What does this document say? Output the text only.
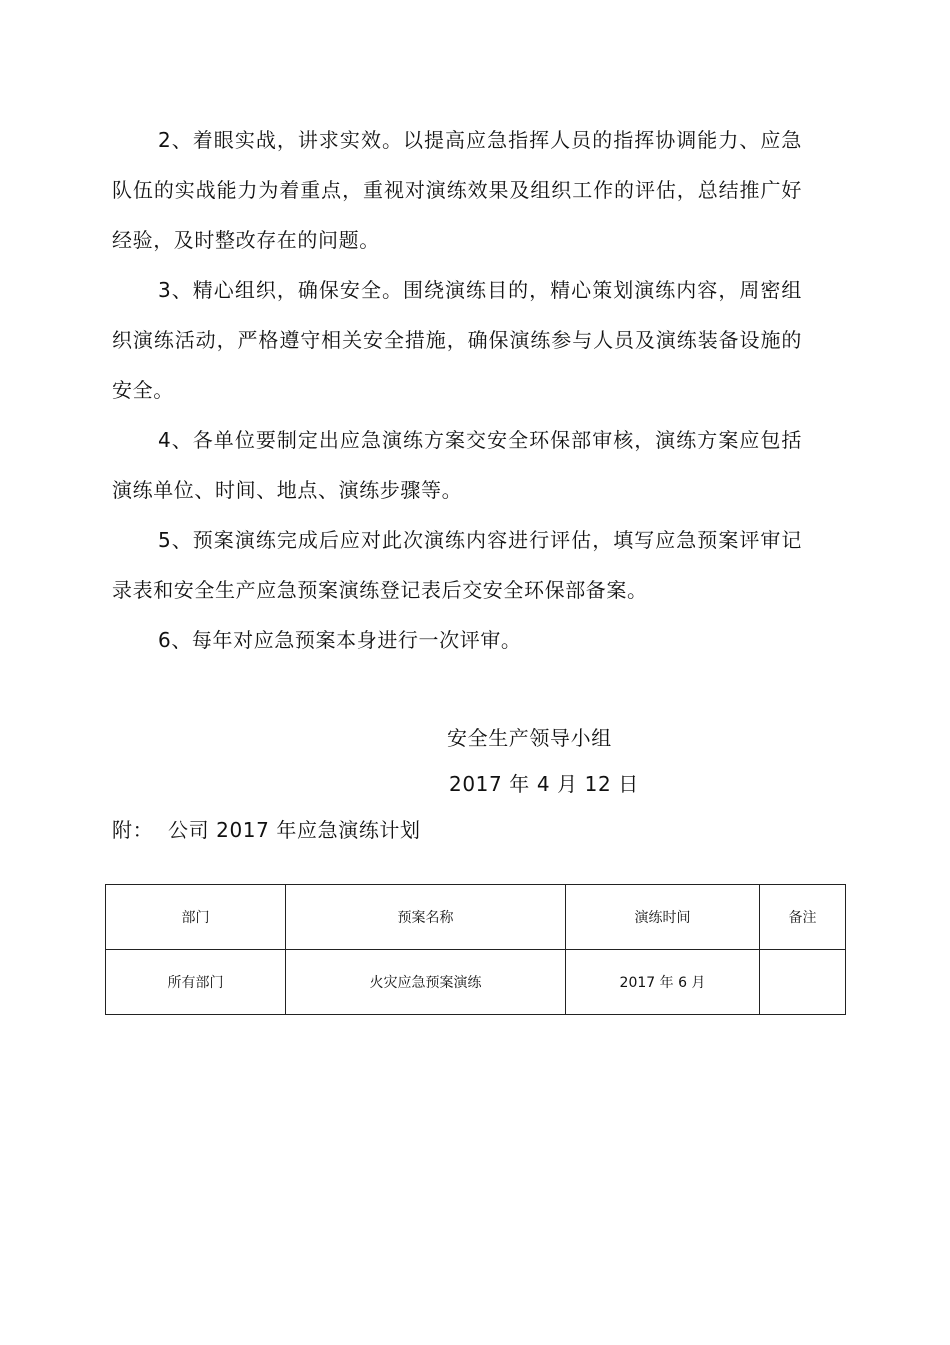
2、着眼实战，讲求实效。以提高应急指挥人员的指挥协调能力、应急队伍的实战能力为着重点，重视对演练效果及组织工作的评估，总结推广好经验，及时整改存在的问题。

3、精心组织，确保安全。围绕演练目的，精心策划演练内容，周密组织演练活动，严格遵守相关安全措施，确保演练参与人员及演练装备设施的安全。

4、各单位要制定出应急演练方案交安全环保部审核，演练方案应包括演练单位、时间、地点、演练步骤等。

5、预案演练完成后应对此次演练内容进行评估，填写应急预案评审记录表和安全生产应急预案演练登记表后交安全环保部备案。

6、每年对应急预案本身进行一次评审。

安全生产领导小组
2017 年 4 月 12 日
附： 公司 2017 年应急演练计划
部门	预案名称	演练时间	备注
所有部门	火灾应急预案演练	2017 年 6 月	
